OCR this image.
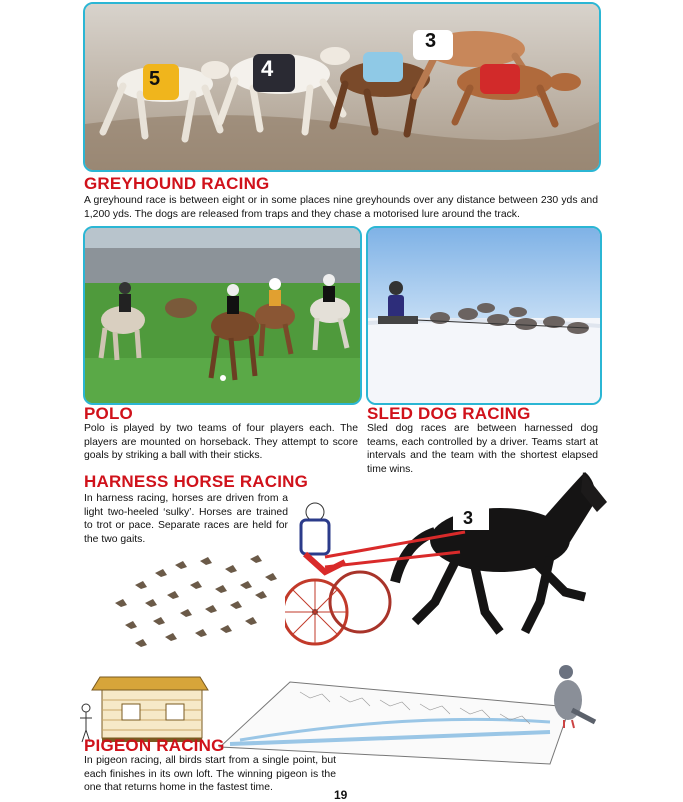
5	4
3
GREYHOUND RACING

A greyhound race is between eight or in some places nine greyhounds over any distance between 230 yds and 1,200 yds. The dogs are released from traps and they chase a motorised lure around the track.

POLO

Polo is played by two teams of four players each. The players are mounted on horseback. They attempt to score goals by striking a ball with their sticks.

SLED DOG RACING

Sled dog races are between harnessed dog teams, each controlled by a driver. Teams start at intervals and the team with the shortest elapsed time wins.

HARNESS HORSE RACING

In harness racing, horses are driven from a light two-heeled ‘sulky’. Horses are trained to trot or pace. Separate races are held for the two gaits.

3
PIGEON RACING

In pigeon racing, all birds start from a single point, but each finishes in its own loft. The winning pigeon is the one that returns home in the fastest time.

19
